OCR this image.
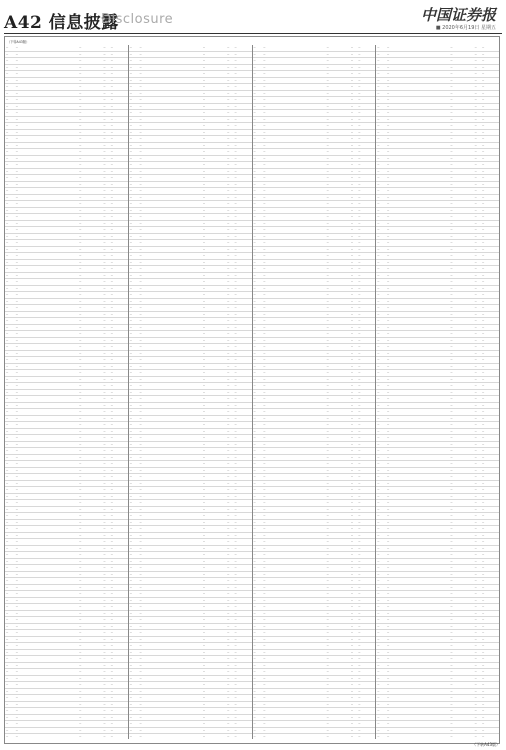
A42 信息披露
Disclosure	中国证券报
■ 2020年6月19日 星期五
（下转A43版）
—	—	—	—	—
—	—	—	—	—
—	—	—	—	—
—	—	—	—	—
—	—	—	—	—
—	—	—	—	—
—	—	—	—	—
—	—	—	—	—
—	—	—	—	—
—	—	—	—	—
—	—	—	—	—
—	—	—	—	—
—	—	—	—	—
—	—	—	—	—
—	—	—	—	—
—	—	—	—	—
—	—	—	—	—
—	—	—	—	—
—	—	—	—	—
—	—	—	—	—
—	—	—	—	—
—	—	—	—	—
—	—	—	—	—
—	—	—	—	—
—	—	—	—	—
—	—	—	—	—
—	—	—	—	—
—	—	—	—	—
—	—	—	—	—
—	—	—	—	—
—	—	—	—	—
—	—	—	—	—
—	—	—	—	—
—	—	—	—	—
—	—	—	—	—
—	—	—	—	—
—	—	—	—	—
—	—	—	—	—
—	—	—	—	—
—	—	—	—	—
—	—	—	—	—
—	—	—	—	—
—	—	—	—	—
—	—	—	—	—
—	—	—	—	—
—	—	—	—	—
—	—	—	—	—
—	—	—	—	—
—	—	—	—	—
—	—	—	—	—
—	—	—	—	—
—	—	—	—	—
—	—	—	—	—
—	—	—	—	—
—	—	—	—	—
—	—	—	—	—
—	—	—	—	—
—	—	—	—	—
—	—	—	—	—
—	—	—	—	—
—	—	—	—	—
—	—	—	—	—
—	—	—	—	—
—	—	—	—	—
—	—	—	—	—
—	—	—	—	—
—	—	—	—	—
—	—	—	—	—
—	—	—	—	—
—	—	—	—	—
—	—	—	—	—
—	—	—	—	—
—	—	—	—	—
—	—	—	—	—
—	—	—	—	—
—	—	—	—	—
—	—	—	—	—
—	—	—	—	—
—	—	—	—	—
—	—	—	—	—
—	—	—	—	—
—	—	—	—	—
—	—	—	—	—
—	—	—	—	—
—	—	—	—	—
—	—	—	—	—
—	—	—	—	—
—	—	—	—	—
—	—	—	—	—
—	—	—	—	—
—	—	—	—	—
—	—	—	—	—
—	—	—	—	—
—	—	—	—	—
—	—	—	—	—
—	—	—	—	—
—	—	—	—	—
—	—	—	—	—
—	—	—	—	—
—	—	—	—	—
—	—	—	—	—
—	—	—	—	—
—	—	—	—	—
—	—	—	—	—
—	—	—	—	—
—	—	—	—	—
—	—	—	—	—
—	—	—	—	—
—	—	—	—	—
—	—	—	—	—
—	—	—	—	—
—	—	—	—	—
—	—	—	—	—
—	—	—	—	—
—	—	—	—	—
—	—	—	—	—
—	—	—	—	—
—	—	—	—	—
—	—	—	—	—
—	—	—	—	—
—	—	—	—	—
—	—	—	—	—
—	—	—	—	—
—	—	—	—	—
—	—	—	—	—
—	—	—	—	—
—	—	—	—	—
—	—	—	—	—
—	—	—	—	—
—	—	—	—	—
—	—	—	—	—
—	—	—	—	—
—	—	—	—	—
—	—	—	—	—
—	—	—	—	—
—	—	—	—	—
—	—	—	—	—
—	—	—	—	—
—	—	—	—	—
—	—	—	—	—
—	—	—	—	—
—	—	—	—	—
—	—	—	—	—
—	—	—	—	—
—	—	—	—	—
—	—	—	—	—
—	—	—	—	—
—	—	—	—	—
—	—	—	—	—
—	—	—	—	—
—	—	—	—	—
—	—	—	—	—
—	—	—	—	—
—	—	—	—	—
—	—	—	—	—
—	—	—	—	—
—	—	—	—	—
—	—	—	—	—
—	—	—	—	—
—	—	—	—	—
—	—	—	—	—
—	—	—	—	—
—	—	—	—	—
—	—	—	—	—
—	—	—	—	—
—	—	—	—	—
—	—	—	—	—
—	—	—	—	—
—	—	—	—	—
—	—	—	—	—
—	—	—	—	—
—	—	—	—	—
—	—	—	—	—
—	—	—	—	—
—	—	—	—	—
—	—	—	—	—
—	—	—	—	—
—	—	—	—	—
—	—	—	—	—
—	—	—	—	—
—	—	—	—	—
—	—	—	—	—
—	—	—	—	—
—	—	—	—	—
—	—	—	—	—
—	—	—	—	—
—	—	—	—	—
—	—	—	—	—
—	—	—	—	—
—	—	—	—	—
—	—	—	—	—
—	—	—	—	—
—	—	—	—	—
—	—	—	—	—
—	—	—	—	—
—	—	—	—	—
—	—	—	—	—
—	—	—	—	—
—	—	—	—	—
—	—	—	—	—
—	—	—	—	—
—	—	—	—	—
—	—	—	—	—
—	—	—	—	—
—	—	—	—	—
—	—	—	—	—
—	—	—	—	—
—	—	—	—	—
—	—	—	—	—
—	—	—	—	—
—	—	—	—	—
—	—	—	—	—
—	—	—	—	—
—	—	—	—	—
—	—	—	—	—
—	—	—	—	—
—	—	—	—	—
—	—	—	—	—
—	—	—	—	—
—	—	—	—	—
—	—	—	—	—
—	—	—	—	—
—	—	—	—	—
—	—	—	—	—
—	—	—	—	—
—	—	—	—	—
—	—	—	—	—
—	—	—	—	—
—	—	—	—	—
—	—	—	—	—
—	—	—	—	—
—	—	—	—	—
—	—	—	—	—
—	—	—	—	—
—	—	—	—	—
—	—	—	—	—
—	—	—	—	—
—	—	—	—	—
—	—	—	—	—
—	—	—	—	—
—	—	—	—	—
—	—	—	—	—
—	—	—	—	—
—	—	—	—	—
—	—	—	—	—
—	—	—	—	—
—	—	—	—	—
—	—	—	—	—
—	—	—	—	—
—	—	—	—	—
—	—	—	—	—
—	—	—	—	—
—	—	—	—	—
—	—	—	—	—
—	—	—	—	—
—	—	—	—	—
—	—	—	—	—
—	—	—	—	—
—	—	—	—	—
—	—	—	—	—
—	—	—	—	—
—	—	—	—	—
—	—	—	—	—
—	—	—	—	—
—	—	—	—	—
—	—	—	—	—
—	—	—	—	—
—	—	—	—	—
—	—	—	—	—
—	—	—	—	—
—	—	—	—	—
—	—	—	—	—
—	—	—	—	—
—	—	—	—	—
—	—	—	—	—
—	—	—	—	—
—	—	—	—	—
—	—	—	—	—
—	—	—	—	—
—	—	—	—	—
—	—	—	—	—
—	—	—	—	—
—	—	—	—	—
—	—	—	—	—
—	—	—	—	—
—	—	—	—	—
—	—	—	—	—
—	—	—	—	—
—	—	—	—	—
—	—	—	—	—
—	—	—	—	—
—	—	—	—	—
—	—	—	—	—
—	—	—	—	—
—	—	—	—	—
—	—	—	—	—
—	—	—	—	—
—	—	—	—	—
—	—	—	—	—
—	—	—	—	—
—	—	—	—	—
—	—	—	—	—
—	—	—	—	—
—	—	—	—	—
—	—	—	—	—
—	—	—	—	—
—	—	—	—	—
—	—	—	—	—
—	—	—	—	—
—	—	—	—	—
—	—	—	—	—
—	—	—	—	—
—	—	—	—	—
—	—	—	—	—
—	—	—	—	—
—	—	—	—	—
—	—	—	—	—
—	—	—	—	—
—	—	—	—	—
—	—	—	—	—
—	—	—	—	—
—	—	—	—	—
—	—	—	—	—
—	—	—	—	—
—	—	—	—	—
—	—	—	—	—
—	—	—	—	—
—	—	—	—	—
—	—	—	—	—
—	—	—	—	—
—	—	—	—	—
—	—	—	—	—
—	—	—	—	—
—	—	—	—	—
—	—	—	—	—
—	—	—	—	—
—	—	—	—	—
—	—	—	—	—
—	—	—	—	—
—	—	—	—	—
—	—	—	—	—
—	—	—	—	—
—	—	—	—	—
—	—	—	—	—
—	—	—	—	—
—	—	—	—	—
—	—	—	—	—
—	—	—	—	—
—	—	—	—	—
—	—	—	—	—
—	—	—	—	—
—	—	—	—	—
—	—	—	—	—
—	—	—	—	—
—	—	—	—	—
—	—	—	—	—
—	—	—	—	—
—	—	—	—	—
—	—	—	—	—
—	—	—	—	—
—	—	—	—	—
—	—	—	—	—
—	—	—	—	—
—	—	—	—	—
—	—	—	—	—
—	—	—	—	—
—	—	—	—	—
—	—	—	—	—
—	—	—	—	—
—	—	—	—	—
—	—	—	—	—
—	—	—	—	—
—	—	—	—	—
—	—	—	—	—
—	—	—	—	—
—	—	—	—	—
—	—	—	—	—
—	—	—	—	—
—	—	—	—	—
—	—	—	—	—
—	—	—	—	—
—	—	—	—	—
—	—	—	—	—
—	—	—	—	—
—	—	—	—	—
—	—	—	—	—
—	—	—	—	—
—	—	—	—	—
—	—	—	—	—
—	—	—	—	—
—	—	—	—	—
—	—	—	—	—
—	—	—	—	—
—	—	—	—	—
—	—	—	—	—
—	—	—	—	—
—	—	—	—	—
—	—	—	—	—
—	—	—	—	—
—	—	—	—	—
—	—	—	—	—
—	—	—	—	—
—	—	—	—	—
—	—	—	—	—
—	—	—	—	—
—	—	—	—	—
—	—	—	—	—
—	—	—	—	—
—	—	—	—	—
—	—	—	—	—
—	—	—	—	—
—	—	—	—	—
—	—	—	—	—
—	—	—	—	—
—	—	—	—	—
—	—	—	—	—
—	—	—	—	—
—	—	—	—	—
—	—	—	—	—
—	—	—	—	—
—	—	—	—	—
—	—	—	—	—
—	—	—	—	—
—	—	—	—	—
—	—	—	—	—
—	—	—	—	—
—	—	—	—	—
—	—	—	—	—
（下转A43版）
